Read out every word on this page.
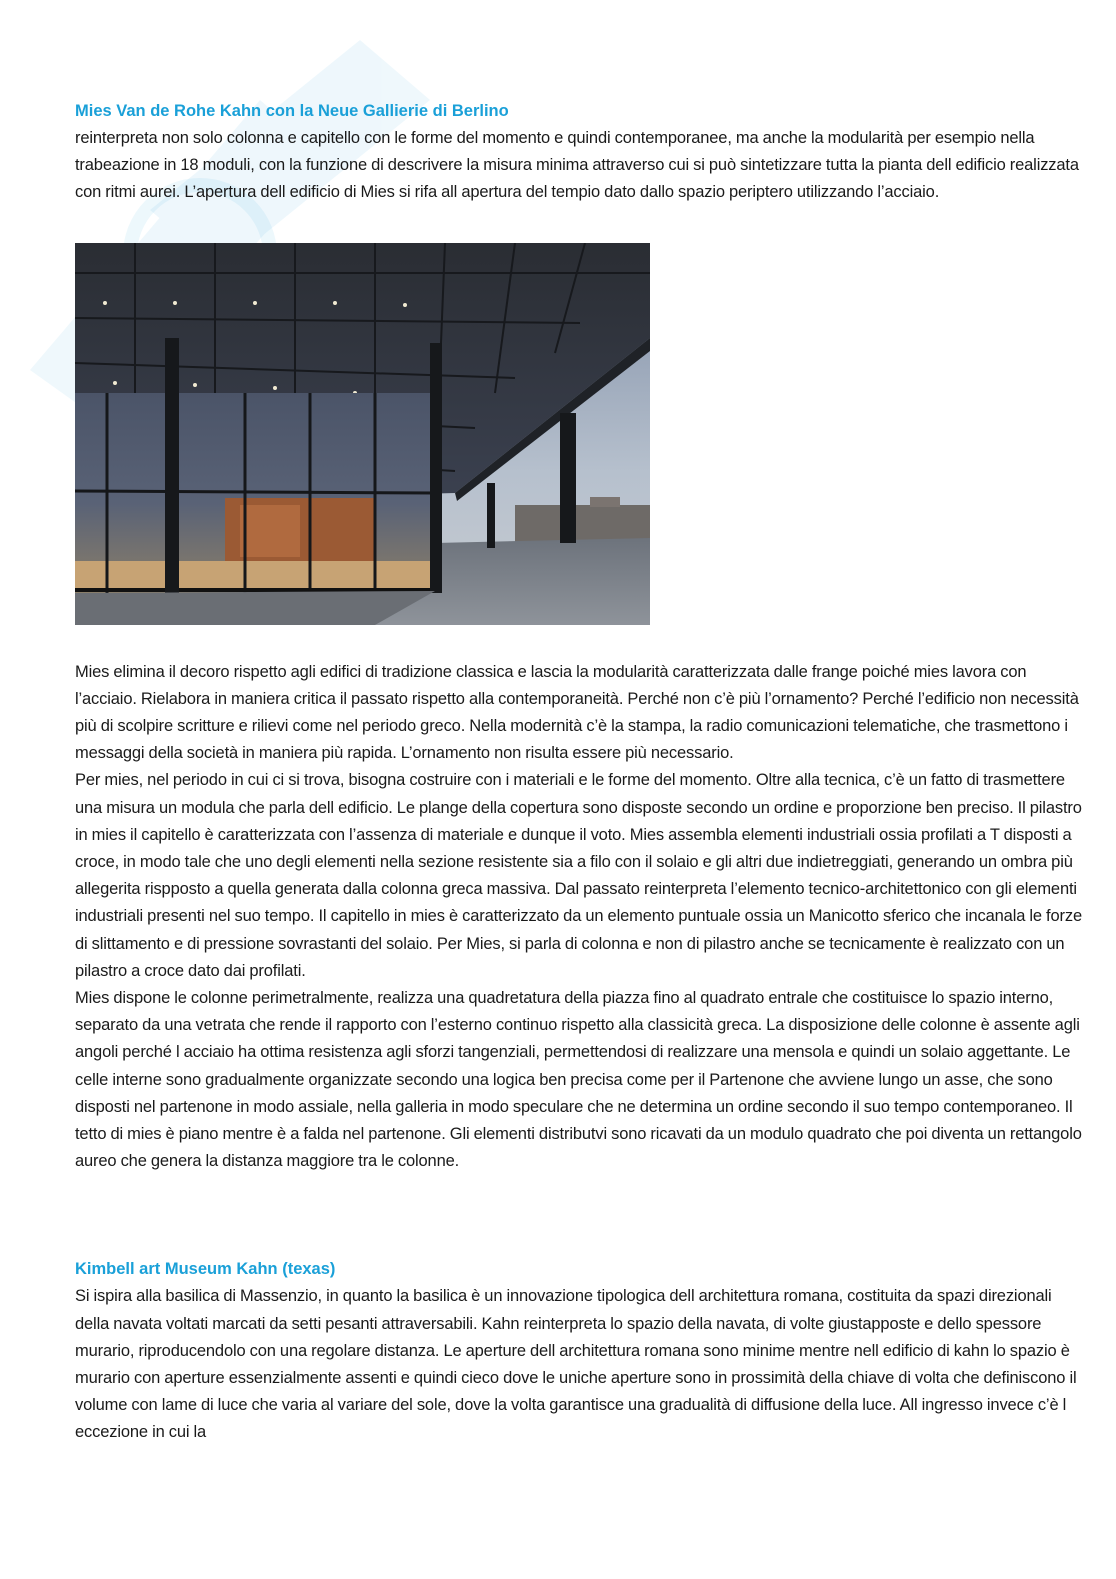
Mies Van de Rohe Kahn con la Neue Gallierie di Berlino

reinterpreta non solo colonna e capitello con le forme del momento e quindi contemporanee, ma anche la modularità per esempio nella trabeazione in 18 moduli, con la funzione di descrivere la misura minima attraverso cui si può sintetizzare tutta la pianta dell edificio realizzata con ritmi aurei. L’apertura dell edificio di Mies si rifa all apertura del tempio dato dallo spazio periptero utilizzando l’acciaio.

Mies elimina il decoro rispetto agli edifici di tradizione classica e lascia la modularità caratterizzata dalle frange poiché mies lavora con l’acciaio. Rielabora in maniera critica il passato rispetto alla contemporaneità. Perché non c’è più l’ornamento? Perché l’edificio non necessità più di scolpire scritture e rilievi come nel periodo greco. Nella modernità c’è la stampa, la radio comunicazioni telematiche, che trasmettono i messaggi della società in maniera più rapida. L’ornamento non risulta essere più necessario.

Per mies, nel periodo in cui ci si trova, bisogna costruire con i materiali e le forme del momento. Oltre alla tecnica, c’è un fatto di trasmettere una misura un modula che parla dell edificio. Le plange della copertura sono disposte secondo un ordine e proporzione ben preciso. Il pilastro in mies il capitello è caratterizzata con l’assenza di materiale e dunque il voto. Mies assembla elementi industriali ossia profilati a T disposti a croce, in modo tale che uno degli elementi nella sezione resistente sia a filo con il solaio e gli altri due indietreggiati, generando un ombra più allegerita rispposto a quella generata dalla colonna greca massiva. Dal passato reinterpreta l’elemento tecnico-architettonico con gli elementi industriali presenti nel suo tempo. Il capitello in mies è caratterizzato da un elemento puntuale ossia un Manicotto sferico che incanala le forze di slittamento e di pressione sovrastanti del solaio. Per Mies, si parla di colonna e non di pilastro anche se tecnicamente è realizzato con un pilastro a croce dato dai profilati.

Mies dispone le colonne perimetralmente, realizza una quadretatura della piazza fino al quadrato entrale che costituisce lo spazio interno, separato da una vetrata che rende il rapporto con l’esterno continuo rispetto alla classicità greca. La disposizione delle colonne è assente agli angoli perché l acciaio ha ottima resistenza agli sforzi tangenziali, permettendosi di realizzare una mensola e quindi un solaio aggettante. Le celle interne sono gradualmente organizzate secondo una logica ben precisa come per il Partenone che avviene lungo un asse, che sono disposti nel partenone in modo assiale, nella galleria in modo speculare che ne determina un ordine secondo il suo tempo contemporaneo. Il tetto di mies è piano mentre è a falda nel partenone. Gli elementi distributvi sono ricavati da un modulo quadrato che poi diventa un rettangolo aureo che genera la distanza maggiore tra le colonne.

Kimbell art Museum Kahn (texas)

Si ispira alla basilica di Massenzio, in quanto la basilica è un innovazione tipologica dell architettura romana, costituita da spazi direzionali della navata voltati marcati da setti pesanti attraversabili. Kahn reinterpreta lo spazio della navata, di volte giustapposte e dello spessore murario, riproducendolo con una regolare distanza. Le aperture dell architettura romana sono minime mentre nell edificio di kahn lo spazio è murario con aperture essenzialmente assenti e quindi cieco dove le uniche aperture sono in prossimità della chiave di volta che definiscono il volume con lame di luce che varia al variare del sole, dove la volta garantisce una gradualità di diffusione della luce. All ingresso invece c’è l eccezione in cui la
